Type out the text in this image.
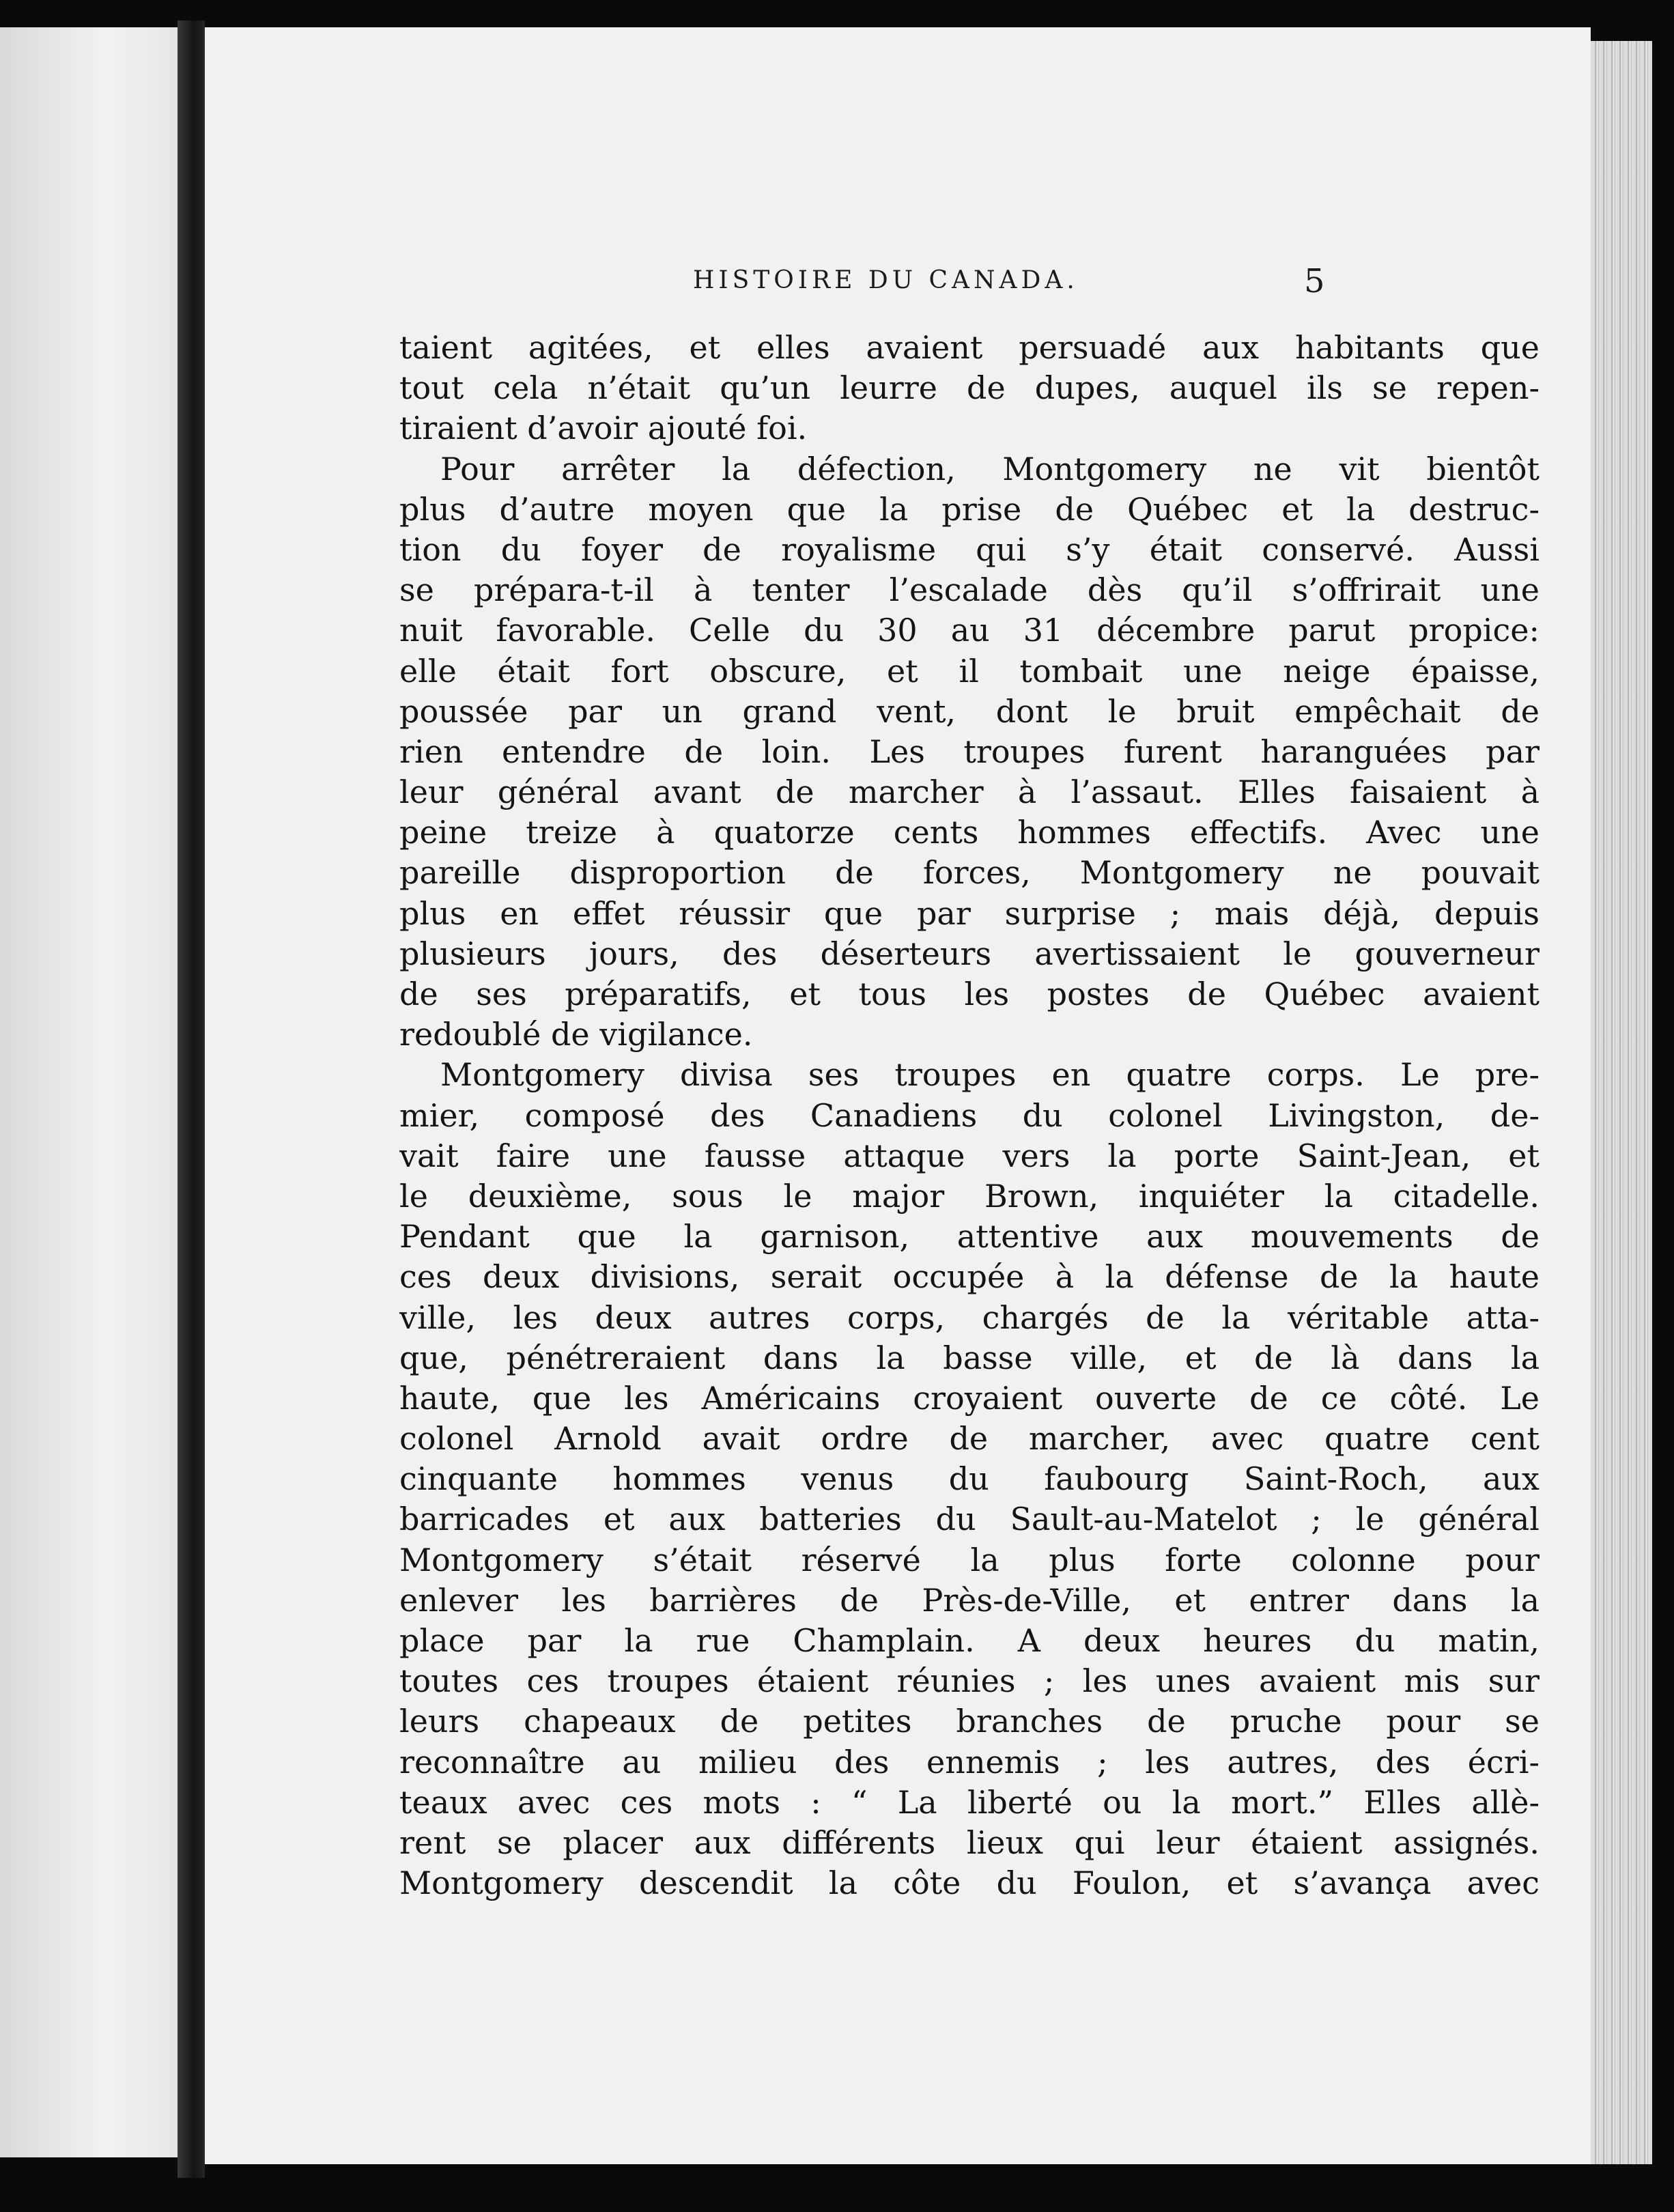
HISTOIRE DU CANADA.	5
taient agitées, et elles avaient persuadé aux habitants que
tout cela n’était qu’un leurre de dupes, auquel ils se repen-
tiraient d’avoir ajouté foi.
Pour arrêter la défection, Montgomery ne vit bientôt
plus d’autre moyen que la prise de Québec et la destruc-
tion du foyer de royalisme qui s’y était conservé. Aussi
se prépara-t-il à tenter l’escalade dès qu’il s’offrirait une
nuit favorable. Celle du 30 au 31 décembre parut propice:
elle était fort obscure, et il tombait une neige épaisse,
poussée par un grand vent, dont le bruit empêchait de
rien entendre de loin. Les troupes furent haranguées par
leur général avant de marcher à l’assaut. Elles faisaient à
peine treize à quatorze cents hommes effectifs. Avec une
pareille disproportion de forces, Montgomery ne pouvait
plus en effet réussir que par surprise ; mais déjà, depuis
plusieurs jours, des déserteurs avertissaient le gouverneur
de ses préparatifs, et tous les postes de Québec avaient
redoublé de vigilance.
Montgomery divisa ses troupes en quatre corps. Le pre-
mier, composé des Canadiens du colonel Livingston, de-
vait faire une fausse attaque vers la porte Saint-Jean, et
le deuxième, sous le major Brown, inquiéter la citadelle.
Pendant que la garnison, attentive aux mouvements de
ces deux divisions, serait occupée à la défense de la haute
ville, les deux autres corps, chargés de la véritable atta-
que, pénétreraient dans la basse ville, et de là dans la
haute, que les Américains croyaient ouverte de ce côté. Le
colonel Arnold avait ordre de marcher, avec quatre cent
cinquante hommes venus du faubourg Saint-Roch, aux
barricades et aux batteries du Sault-au-Matelot ; le général
Montgomery s’était réservé la plus forte colonne pour
enlever les barrières de Près-de-Ville, et entrer dans la
place par la rue Champlain. A deux heures du matin,
toutes ces troupes étaient réunies ; les unes avaient mis sur
leurs chapeaux de petites branches de pruche pour se
reconnaître au milieu des ennemis ; les autres, des écri-
teaux avec ces mots : “ La liberté ou la mort.” Elles allè-
rent se placer aux différents lieux qui leur étaient assignés.
Montgomery descendit la côte du Foulon, et s’avança avec
